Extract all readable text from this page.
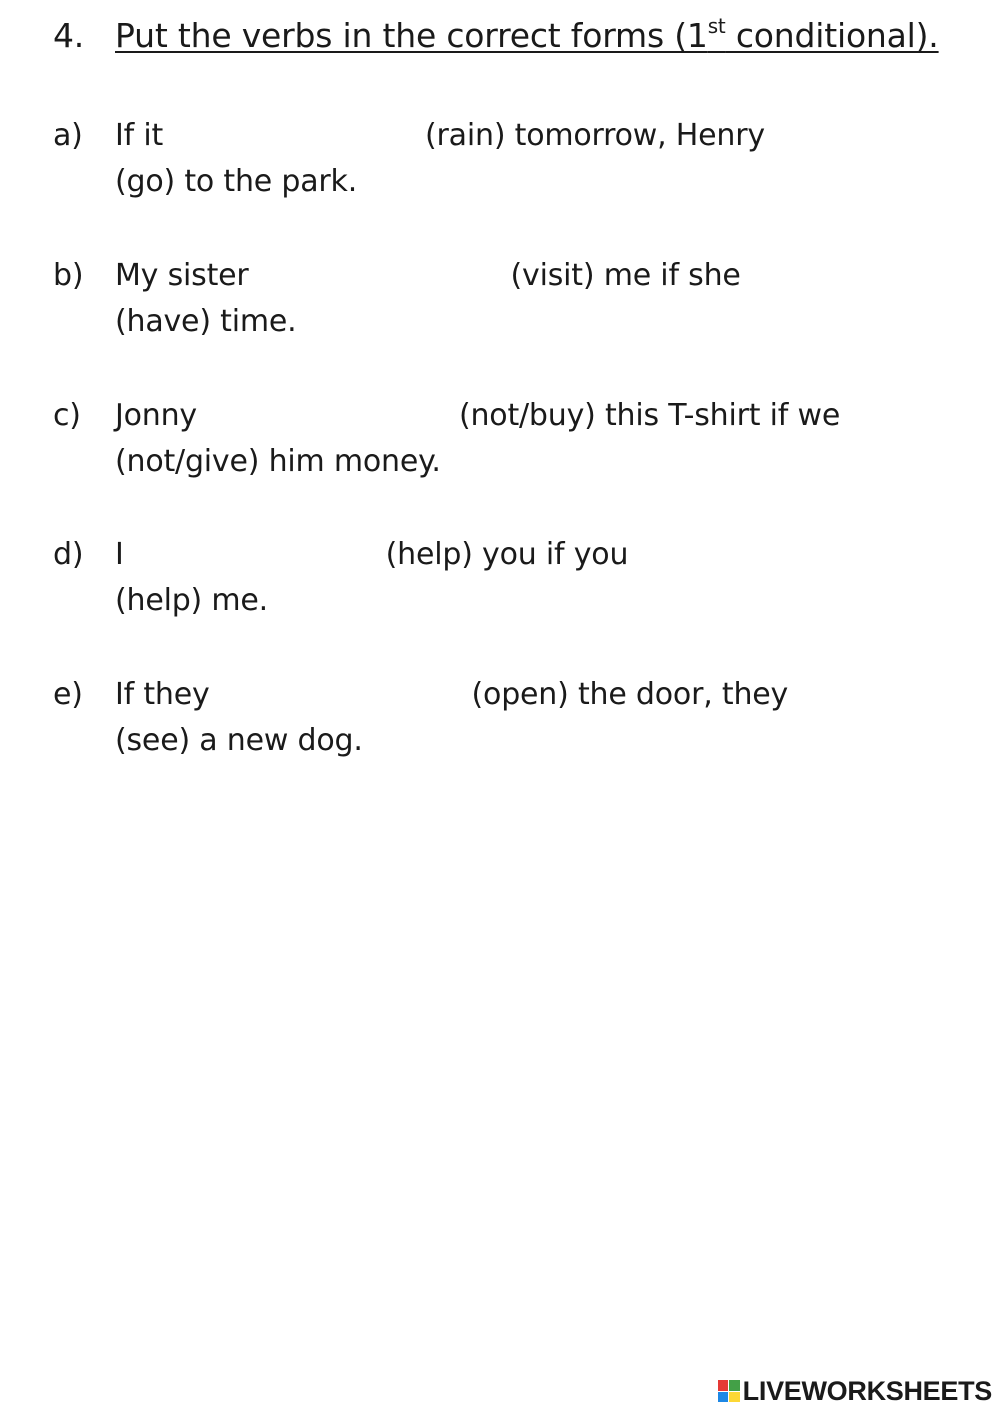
4. Put the verbs in the correct forms (1st conditional).
a) If it	(rain) tomorrow, Henry
(go) to the park.
b) My sister	(visit) me if she
(have) time.
c) Jonny	(not/buy) this T-shirt if we
(not/give) him money.
d) I	(help) you if you
(help) me.
e) If they	(open) the door, they
(see) a new dog.
LIVEWORKSHEETS
